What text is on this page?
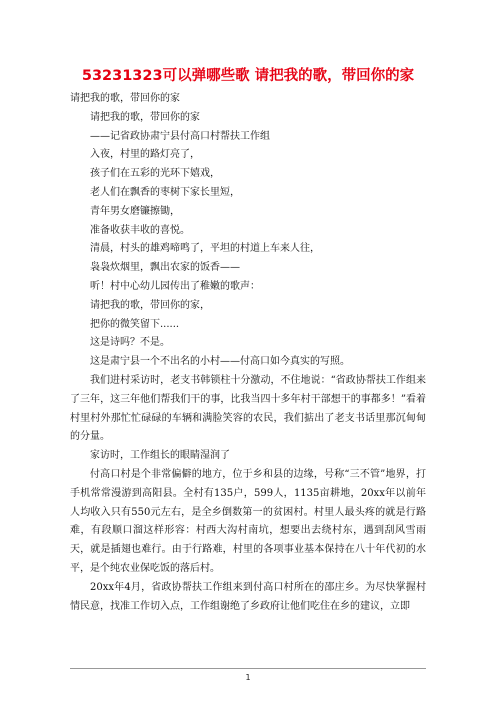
53231323可以弹哪些歌 请把我的歌，带回你的家

请把我的歌，带回你的家

请把我的歌，带回你的家

——记省政协肃宁县付高口村帮扶工作组

入夜，村里的路灯亮了，

孩子们在五彩的光环下嬉戏，

老人们在飘香的枣树下家长里短，

青年男女磨镰擦锄，

准备收获丰收的喜悦。

清晨，村头的雄鸡啼鸣了，平坦的村道上车来人往，

袅袅炊烟里，飘出农家的饭香——

听！村中心幼儿园传出了稚嫩的歌声：

请把我的歌，带回你的家，

把你的微笑留下......

这是诗吗？不是。

这是肃宁县一个不出名的小村——付高口如今真实的写照。

我们进村采访时，老支书韩锁柱十分激动，不住地说：“省政协帮扶工作组来了三年，这三年他们帮我们干的事，比我当四十多年村干部想干的事都多！”看着村里村外那忙忙碌碌的车辆和满脸笑容的农民，我们掂出了老支书话里那沉甸甸的分量。

家访时，工作组长的眼睛湿润了

付高口村是个非常偏僻的地方，位于乡和县的边缘，号称“三不管”地界，打手机常常漫游到高阳县。全村有135户，599人，1135亩耕地，20xx年以前年人均收入只有550元左右，是全乡倒数第一的贫困村。村里人最头疼的就是行路难，有段顺口溜这样形容：村西大沟村南坑，想要出去绕村东，遇到刮风雪雨天，就是插翅也难行。由于行路难，村里的各项事业基本保持在八十年代初的水平，是个纯农业保吃饭的落后村。

20xx年4月，省政协帮扶工作组来到付高口村所在的邵庄乡。为尽快掌握村情民意，找准工作切入点，工作组谢绝了乡政府让他们吃住在乡的建议，立即

1
